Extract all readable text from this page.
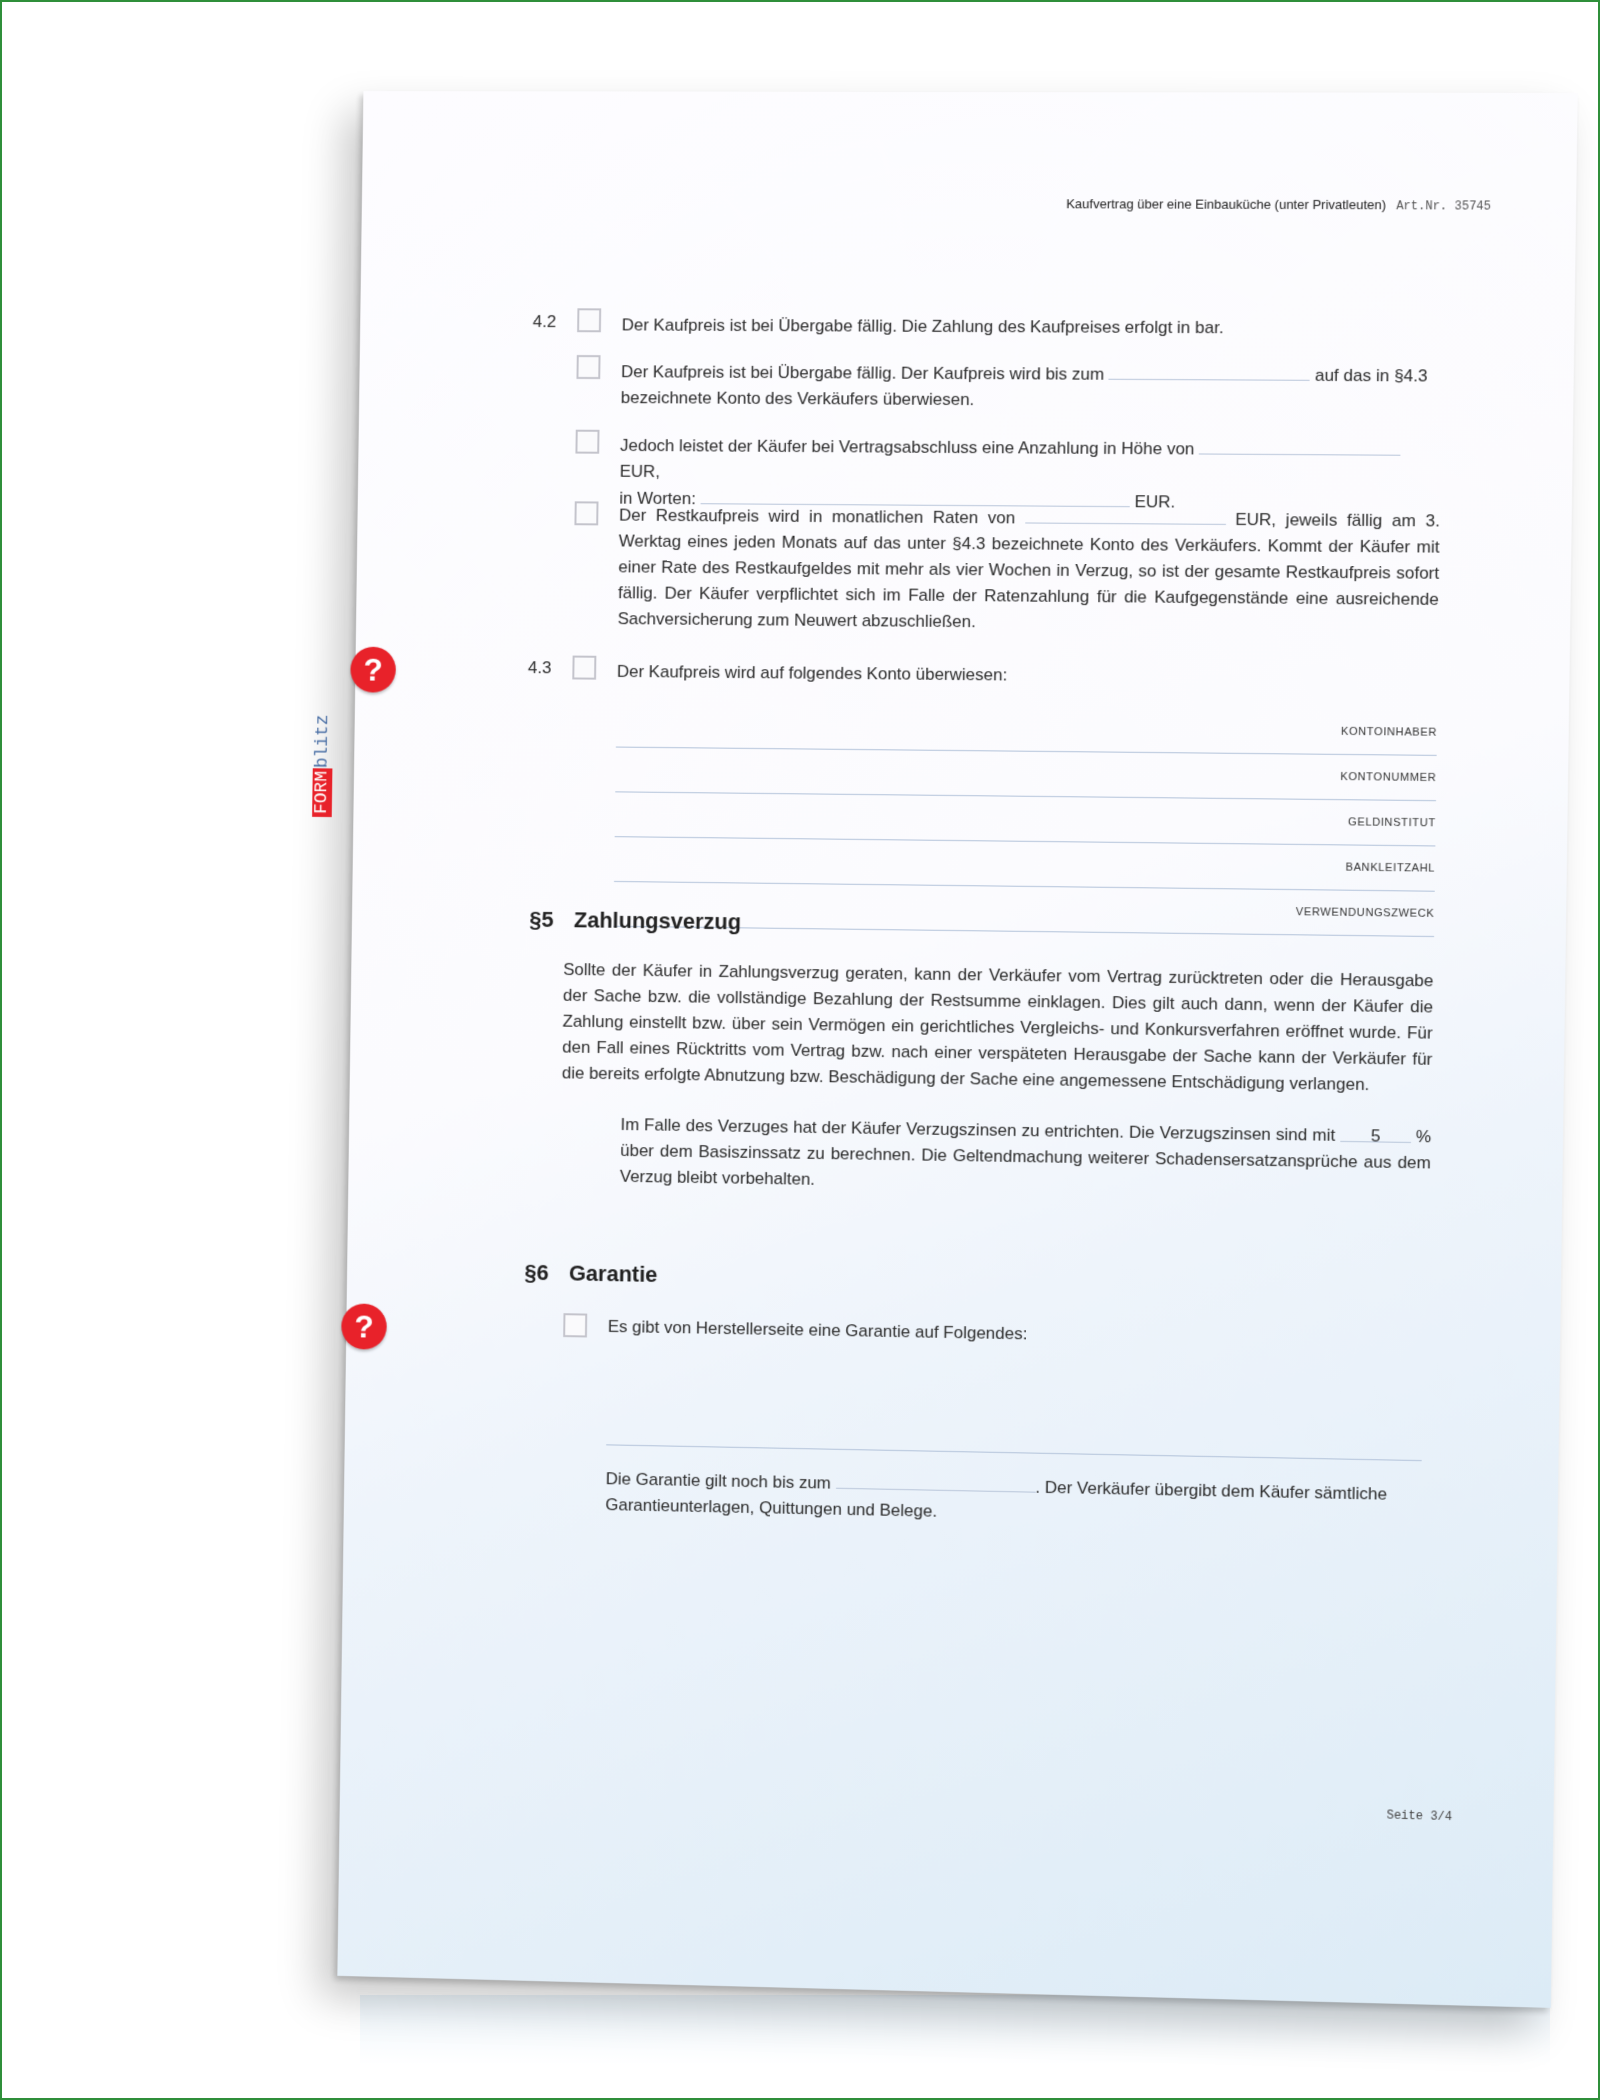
Kaufvertrag über eine Einbauküche (unter Privatleuten) Art.Nr. 35745
4.2	Der Kaufpreis ist bei Übergabe fällig. Die Zahlung des Kaufpreises erfolgt in bar.
Der Kaufpreis ist bei Übergabe fällig. Der Kaufpreis wird bis zum	auf das in §4.3
bezeichnete Konto des Verkäufers überwiesen.
Jedoch leistet der Käufer bei Vertragsabschluss eine Anzahlung in Höhe von EUR,
in Worten:	EUR.
Der Restkaufpreis wird in monatlichen Raten von	EUR, jeweils fällig am 3. Werktag eines jeden Monats auf das unter §4.3 bezeichnete Konto des Verkäufers. Kommt der Käufer mit einer Rate des Restkaufgeldes mit mehr als vier Wochen in Verzug, so ist der gesamte Restkaufpreis sofort fällig. Der Käufer verpflichtet sich im Falle der Ratenzahlung für die Kaufgegenstände eine ausreichende Sachversicherung zum Neuwert abzuschließen.
?	4.3	Der Kaufpreis wird auf folgendes Konto überwiesen:
KONTOINHABER
KONTONUMMER
GELDINSTITUT
BANKLEITZAHL
VERWENDUNGSZWECK
FORMblitz
§5 Zahlungsverzug
Sollte der Käufer in Zahlungsverzug geraten, kann der Verkäufer vom Vertrag zurücktreten oder die Herausgabe der Sache bzw. die vollständige Bezahlung der Restsumme einklagen. Dies gilt auch dann, wenn der Käufer die Zahlung einstellt bzw. über sein Vermögen ein gerichtliches Vergleichs- und Konkursverfahren eröffnet wurde. Für den Fall eines Rücktritts vom Vertrag bzw. nach einer verspäteten Herausgabe der Sache kann der Verkäufer für die bereits erfolgte Abnutzung bzw. Beschädigung der Sache eine angemessene Entschädigung verlangen.
Im Falle des Verzuges hat der Käufer Verzugszinsen zu entrichten. Die Verzugszinsen sind mit 5 % über dem Basiszinssatz zu berechnen. Die Geltendmachung weiterer Schadensersatzansprüche aus dem Verzug bleibt vorbehalten.
§6 Garantie
?	Es gibt von Herstellerseite eine Garantie auf Folgendes:
Die Garantie gilt noch bis zum	. Der Verkäufer übergibt dem Käufer sämtliche Garantieunterlagen, Quittungen und Belege.
Seite 3/4
